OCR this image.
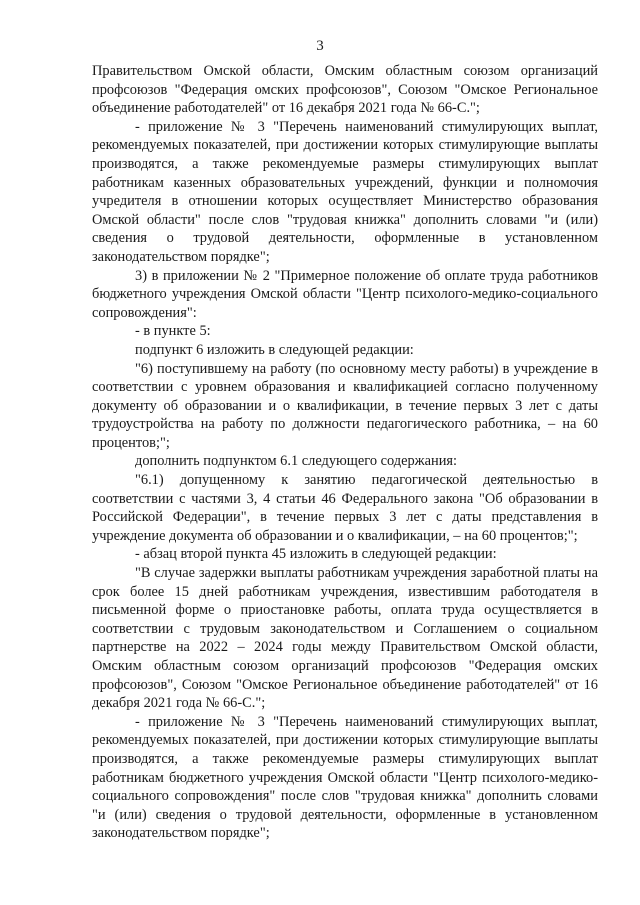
3

Правительством Омской области, Омским областным союзом организаций профсоюзов "Федерация омских профсоюзов", Союзом "Омское Региональное объединение работодателей" от 16 декабря 2021 года № 66-С.";

- приложение № 3 "Перечень наименований стимулирующих выплат, рекомендуемых показателей, при достижении которых стимулирующие выплаты производятся, а также рекомендуемые размеры стимулирующих выплат работникам казенных образовательных учреждений, функции и полномочия учредителя в отношении которых осуществляет Министерство образования Омской области" после слов "трудовая книжка" дополнить словами "и (или) сведения о трудовой деятельности, оформленные в установленном законодательством порядке";

3) в приложении № 2 "Примерное положение об оплате труда работников бюджетного учреждения Омской области "Центр психолого-медико-социального сопровождения":

- в пункте 5:

подпункт 6 изложить в следующей редакции:

"6) поступившему на работу (по основному месту работы) в учреждение в соответствии с уровнем образования и квалификацией согласно полученному документу об образовании и о квалификации, в течение первых 3 лет с даты трудоустройства на работу по должности педагогического работника, – на 60 процентов;";

дополнить подпунктом 6.1 следующего содержания:

"6.1) допущенному к занятию педагогической деятельностью в соответствии с частями 3, 4 статьи 46 Федерального закона "Об образовании в Российской Федерации", в течение первых 3 лет с даты представления в учреждение документа об образовании и о квалификации, – на 60 процентов;";

- абзац второй пункта 45 изложить в следующей редакции:

"В случае задержки выплаты работникам учреждения заработной платы на срок более 15 дней работникам учреждения, известившим работодателя в письменной форме о приостановке работы, оплата труда осуществляется в соответствии с трудовым законодательством и Соглашением о социальном партнерстве на 2022 – 2024 годы между Правительством Омской области, Омским областным союзом организаций профсоюзов "Федерация омских профсоюзов", Союзом "Омское Региональное объединение работодателей" от 16 декабря 2021 года № 66-С.";

- приложение № 3 "Перечень наименований стимулирующих выплат, рекомендуемых показателей, при достижении которых стимулирующие выплаты производятся, а также рекомендуемые размеры стимулирующих выплат работникам бюджетного учреждения Омской области "Центр психолого-медико-социального сопровождения" после слов "трудовая книжка" дополнить словами "и (или) сведения о трудовой деятельности, оформленные в установленном законодательством порядке";
